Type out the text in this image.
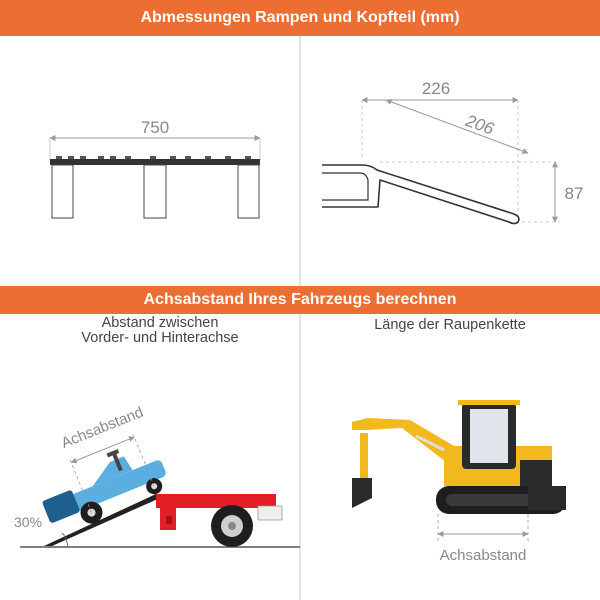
Abmessungen Rampen und Kopfteil (mm)
750
226
206
87
30%
Achsabstand
Achsabstand
Achsabstand Ihres Fahrzeugs berechnen
Abstand zwischen
Vorder- und Hinterachse
Länge der Raupenkette
